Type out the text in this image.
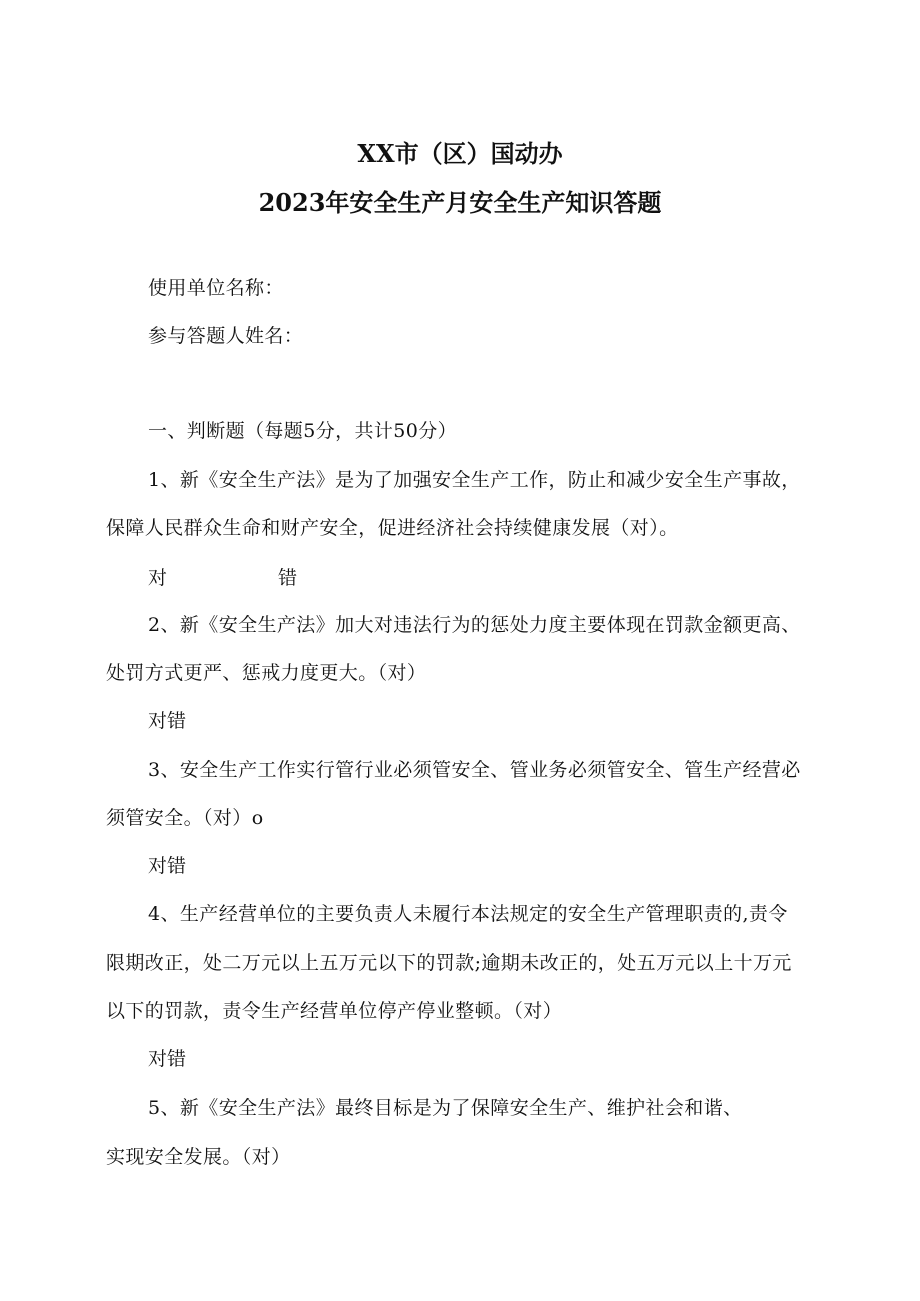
XX市（区）国动办
2023年安全生产月安全生产知识答题
使用单位名称：
参与答题人姓名：
一、判断题（每题5分，共计50分）
1、新《安全生产法》是为了加强安全生产工作，防止和减少安全生产事故，
保障人民群众生命和财产安全，促进经济社会持续健康发展（对）。
对	错
2、新《安全生产法》加大对违法行为的惩处力度主要体现在罚款金额更高、
处罚方式更严、惩戒力度更大。（对）
对错
3、安全生产工作实行管行业必须管安全、管业务必须管安全、管生产经营必
须管安全。（对）o
对错
4、生产经营单位的主要负责人未履行本法规定的安全生产管理职责的,责令
限期改正，处二万元以上五万元以下的罚款;逾期未改正的，处五万元以上十万元
以下的罚款，责令生产经营单位停产停业整顿。（对）
对错
5、新《安全生产法》最终目标是为了保障安全生产、维护社会和谐、
实现安全发展。（对）
